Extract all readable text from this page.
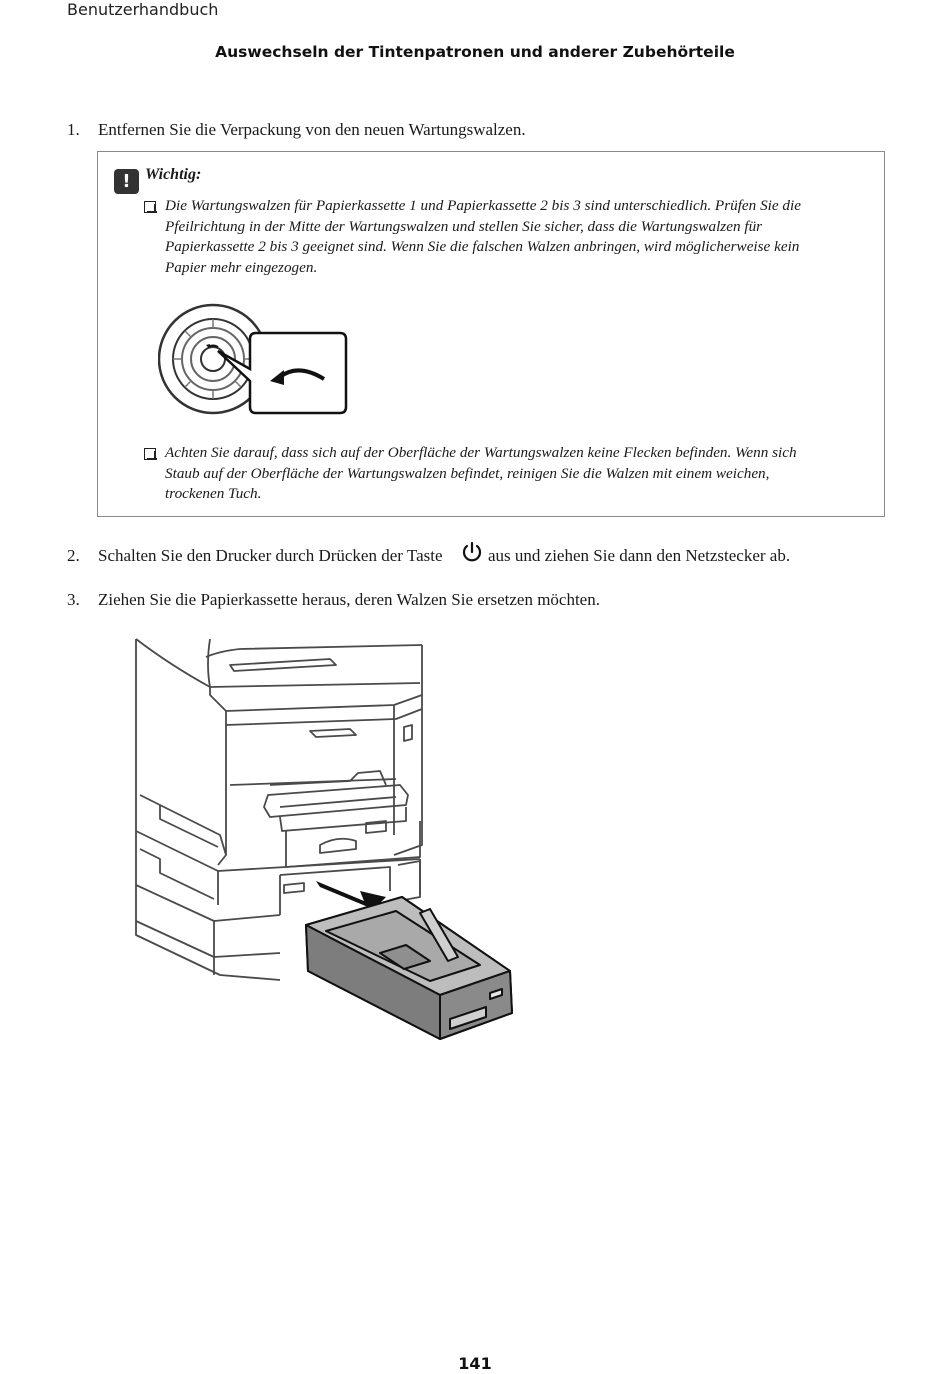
Benutzerhandbuch
Auswechseln der Tintenpatronen und anderer Zubehörteile
1. Entfernen Sie die Verpackung von den neuen Wartungswalzen.
! Wichtig:
Die Wartungswalzen für Papierkassette 1 und Papierkassette 2 bis 3 sind unterschiedlich. Prüfen Sie die
Pfeilrichtung in der Mitte der Wartungswalzen und stellen Sie sicher, dass die Wartungswalzen für
Papierkassette 2 bis 3 geeignet sind. Wenn Sie die falschen Walzen anbringen, wird möglicherweise kein
Papier mehr eingezogen.
Achten Sie darauf, dass sich auf der Oberfläche der Wartungswalzen keine Flecken befinden. Wenn sich
Staub auf der Oberfläche der Wartungswalzen befindet, reinigen Sie die Walzen mit einem weichen,
trockenen Tuch.
2. Schalten Sie den Drucker durch Drücken der Taste	aus und ziehen Sie dann den Netzstecker ab.
3. Ziehen Sie die Papierkassette heraus, deren Walzen Sie ersetzen möchten.
141
